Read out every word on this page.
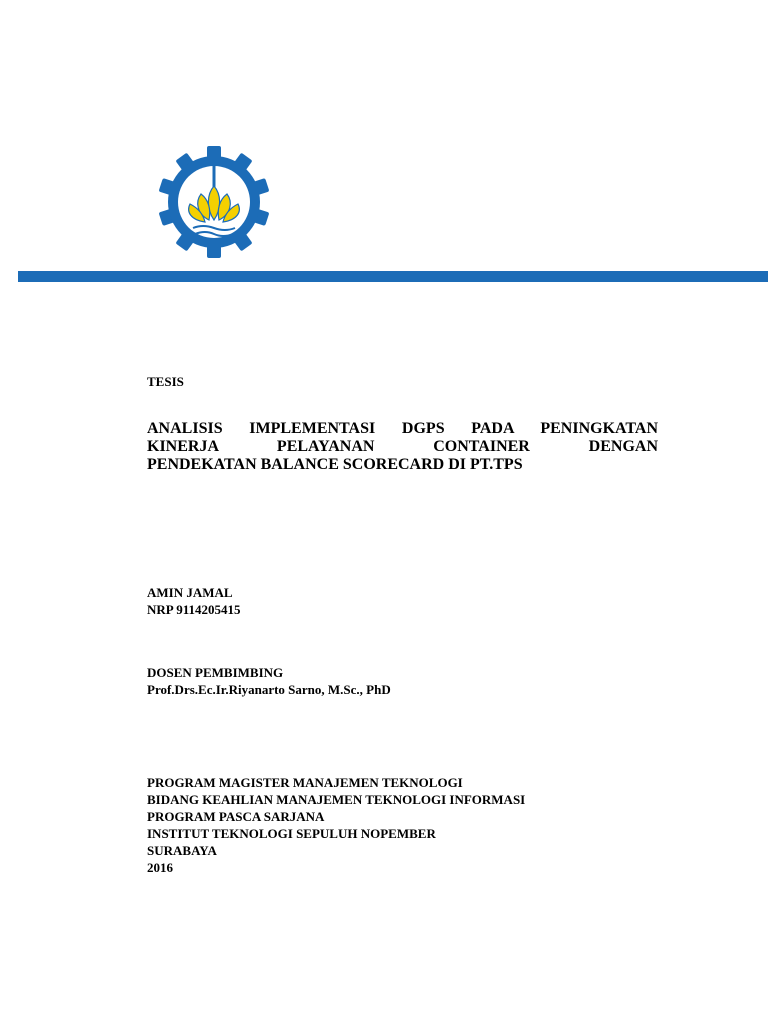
TESIS
ANALISIS IMPLEMENTASI DGPS PADA PENINGKATAN
KINERJA PELAYANAN CONTAINER DENGAN
PENDEKATAN BALANCE SCORECARD DI PT.TPS
AMIN JAMAL
NRP 9114205415
DOSEN PEMBIMBING
Prof.Drs.Ec.Ir.Riyanarto Sarno, M.Sc., PhD
PROGRAM MAGISTER MANAJEMEN TEKNOLOGI
BIDANG KEAHLIAN MANAJEMEN TEKNOLOGI INFORMASI
PROGRAM PASCA SARJANA
INSTITUT TEKNOLOGI SEPULUH NOPEMBER
SURABAYA
2016
